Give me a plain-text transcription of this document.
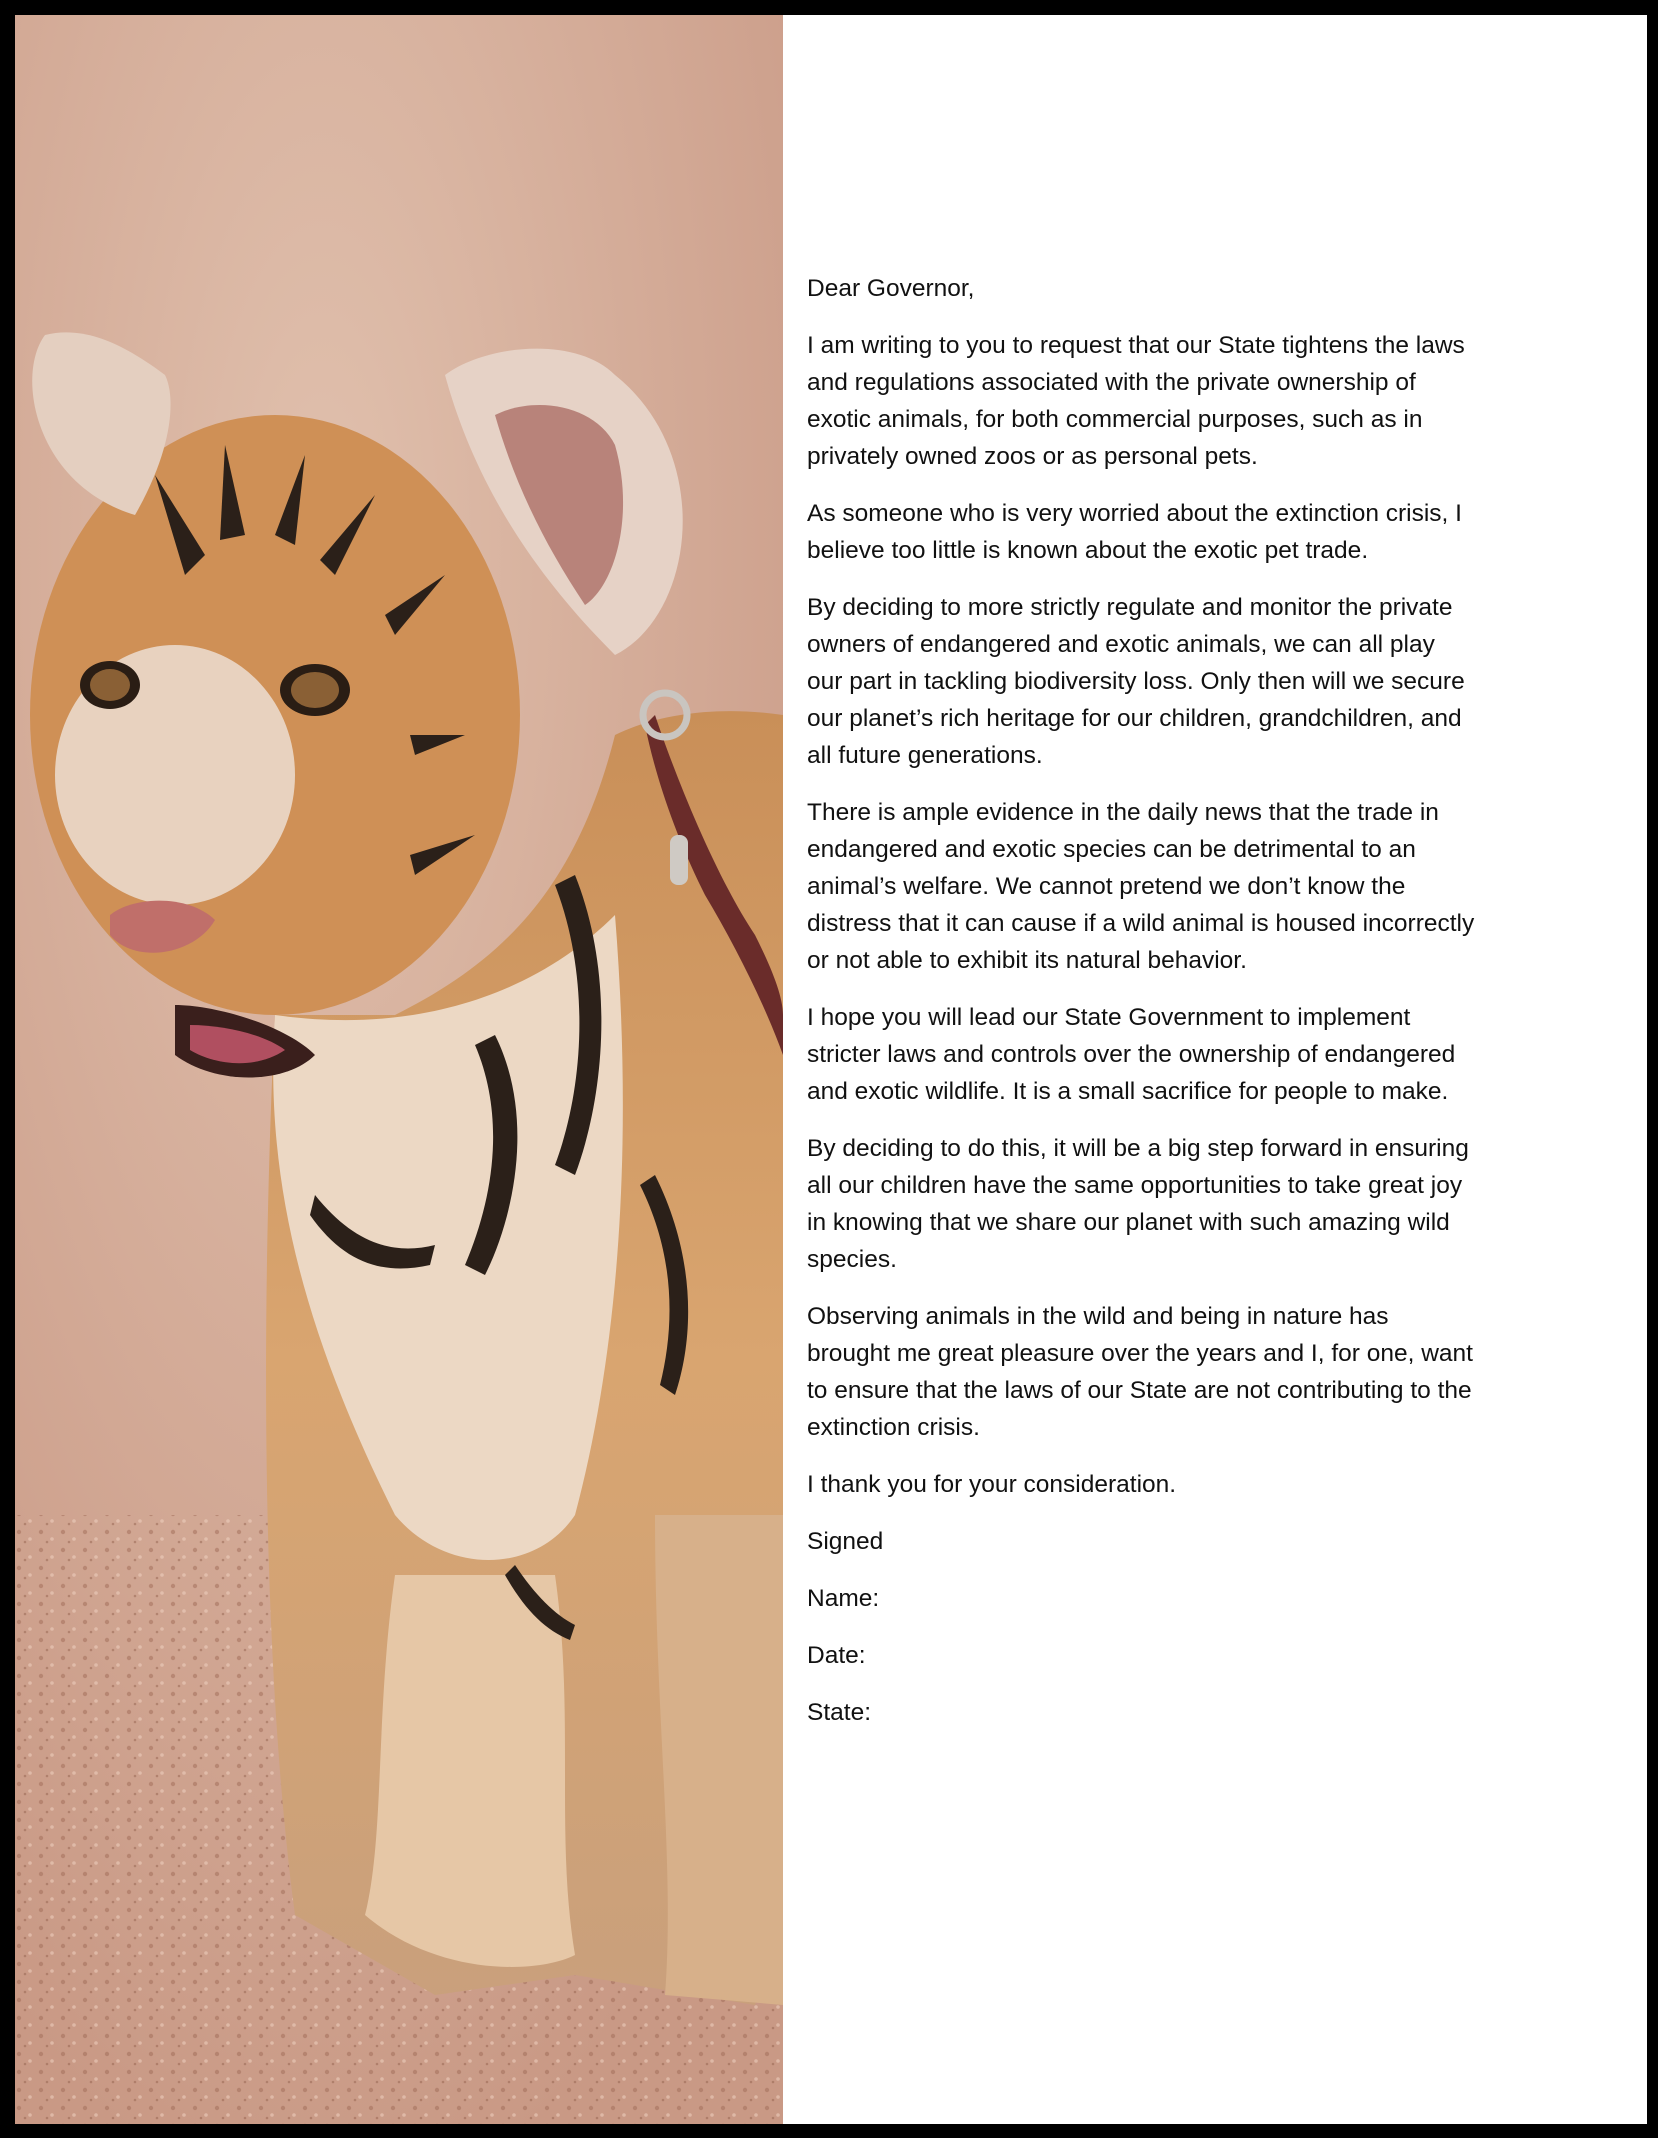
Dear Governor,

I am writing to you to request that our State tightens the laws and regulations associated with the private ownership of exotic animals, for both commercial purposes, such as in privately owned zoos or as personal pets.

As someone who is very worried about the extinction crisis, I believe too little is known about the exotic pet trade.

By deciding to more strictly regulate and monitor the private owners of endangered and exotic animals, we can all play our part in tackling biodiversity loss. Only then will we secure our planet’s rich heritage for our children, grandchildren, and all future generations.

There is ample evidence in the daily news that the trade in endangered and exotic species can be detrimental to an animal’s welfare. We cannot pretend we don’t know the distress that it can cause if a wild animal is housed incorrectly or not able to exhibit its natural behavior.

I hope you will lead our State Government to implement stricter laws and controls over the ownership of endangered and exotic wildlife. It is a small sacrifice for people to make.

By deciding to do this, it will be a big step forward in ensuring all our children have the same opportunities to take great joy in knowing that we share our planet with such amazing wild species.

Observing animals in the wild and being in nature has brought me great pleasure over the years and I, for one, want to ensure that the laws of our State are not contributing to the extinction crisis.

I thank you for your consideration.

Signed

Name:

Date:

State:
